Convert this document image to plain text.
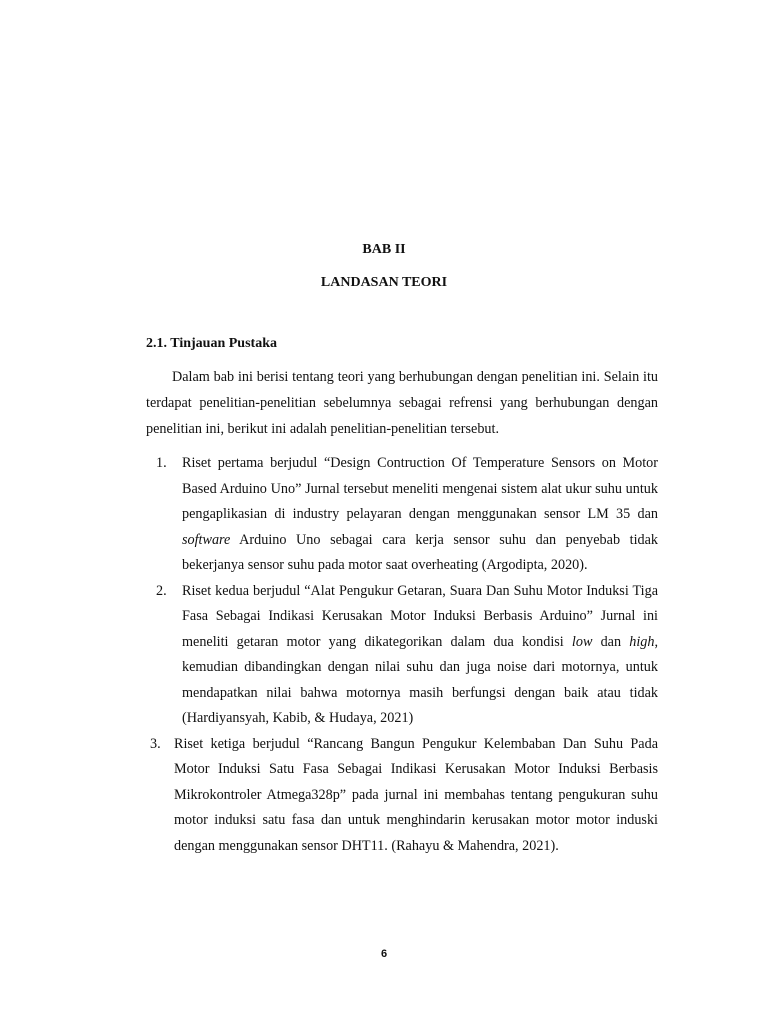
BAB II
LANDASAN TEORI
2.1. Tinjauan Pustaka

Dalam bab ini berisi tentang teori yang berhubungan dengan penelitian ini. Selain itu terdapat penelitian-penelitian sebelumnya sebagai refrensi yang berhubungan dengan penelitian ini, berikut ini adalah penelitian-penelitian tersebut.

1. Riset pertama berjudul “Design Contruction Of Temperature Sensors on Motor Based Arduino Uno” Jurnal tersebut meneliti mengenai sistem alat ukur suhu untuk pengaplikasian di industry pelayaran dengan menggunakan sensor LM 35 dan software Arduino Uno sebagai cara kerja sensor suhu dan penyebab tidak bekerjanya sensor suhu pada motor saat overheating (Argodipta, 2020).
2. Riset kedua berjudul “Alat Pengukur Getaran, Suara Dan Suhu Motor Induksi Tiga Fasa Sebagai Indikasi Kerusakan Motor Induksi Berbasis Arduino” Jurnal ini meneliti getaran motor yang dikategorikan dalam dua kondisi low dan high, kemudian dibandingkan dengan nilai suhu dan juga noise dari motornya, untuk mendapatkan nilai bahwa motornya masih berfungsi dengan baik atau tidak (Hardiyansyah, Kabib, & Hudaya, 2021)
3. Riset ketiga berjudul “Rancang Bangun Pengukur Kelembaban Dan Suhu Pada Motor Induksi Satu Fasa Sebagai Indikasi Kerusakan Motor Induksi Berbasis Mikrokontroler Atmega328p” pada jurnal ini membahas tentang pengukuran suhu motor induksi satu fasa dan untuk menghindarin kerusakan motor motor induski dengan menggunakan sensor DHT11. (Rahayu & Mahendra, 2021).
6
